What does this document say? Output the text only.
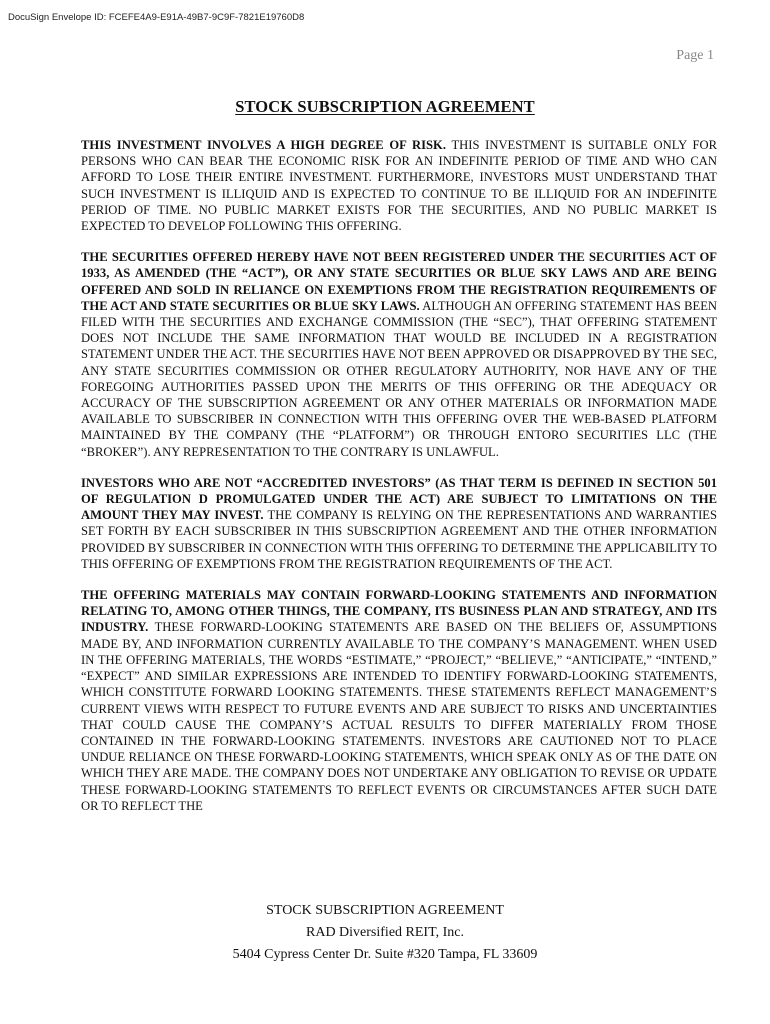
DocuSign Envelope ID: FCEFE4A9-E91A-49B7-9C9F-7821E19760D8
Page 1
STOCK SUBSCRIPTION AGREEMENT

THIS INVESTMENT INVOLVES A HIGH DEGREE OF RISK. THIS INVESTMENT IS SUITABLE ONLY FOR PERSONS WHO CAN BEAR THE ECONOMIC RISK FOR AN INDEFINITE PERIOD OF TIME AND WHO CAN AFFORD TO LOSE THEIR ENTIRE INVESTMENT. FURTHERMORE, INVESTORS MUST UNDERSTAND THAT SUCH INVESTMENT IS ILLIQUID AND IS EXPECTED TO CONTINUE TO BE ILLIQUID FOR AN INDEFINITE PERIOD OF TIME. NO PUBLIC MARKET EXISTS FOR THE SECURITIES, AND NO PUBLIC MARKET IS EXPECTED TO DEVELOP FOLLOWING THIS OFFERING.

THE SECURITIES OFFERED HEREBY HAVE NOT BEEN REGISTERED UNDER THE SECURITIES ACT OF 1933, AS AMENDED (THE “ACT”), OR ANY STATE SECURITIES OR BLUE SKY LAWS AND ARE BEING OFFERED AND SOLD IN RELIANCE ON EXEMPTIONS FROM THE REGISTRATION REQUIREMENTS OF THE ACT AND STATE SECURITIES OR BLUE SKY LAWS. ALTHOUGH AN OFFERING STATEMENT HAS BEEN FILED WITH THE SECURITIES AND EXCHANGE COMMISSION (THE “SEC”), THAT OFFERING STATEMENT DOES NOT INCLUDE THE SAME INFORMATION THAT WOULD BE INCLUDED IN A REGISTRATION STATEMENT UNDER THE ACT. THE SECURITIES HAVE NOT BEEN APPROVED OR DISAPPROVED BY THE SEC, ANY STATE SECURITIES COMMISSION OR OTHER REGULATORY AUTHORITY, NOR HAVE ANY OF THE FOREGOING AUTHORITIES PASSED UPON THE MERITS OF THIS OFFERING OR THE ADEQUACY OR ACCURACY OF THE SUBSCRIPTION AGREEMENT OR ANY OTHER MATERIALS OR INFORMATION MADE AVAILABLE TO SUBSCRIBER IN CONNECTION WITH THIS OFFERING OVER THE WEB-BASED PLATFORM MAINTAINED BY THE COMPANY (THE “PLATFORM”) OR THROUGH ENTORO SECURITIES LLC (THE “BROKER”). ANY REPRESENTATION TO THE CONTRARY IS UNLAWFUL.

INVESTORS WHO ARE NOT “ACCREDITED INVESTORS” (AS THAT TERM IS DEFINED IN SECTION 501 OF REGULATION D PROMULGATED UNDER THE ACT) ARE SUBJECT TO LIMITATIONS ON THE AMOUNT THEY MAY INVEST. THE COMPANY IS RELYING ON THE REPRESENTATIONS AND WARRANTIES SET FORTH BY EACH SUBSCRIBER IN THIS SUBSCRIPTION AGREEMENT AND THE OTHER INFORMATION PROVIDED BY SUBSCRIBER IN CONNECTION WITH THIS OFFERING TO DETERMINE THE APPLICABILITY TO THIS OFFERING OF EXEMPTIONS FROM THE REGISTRATION REQUIREMENTS OF THE ACT.

THE OFFERING MATERIALS MAY CONTAIN FORWARD-LOOKING STATEMENTS AND INFORMATION RELATING TO, AMONG OTHER THINGS, THE COMPANY, ITS BUSINESS PLAN AND STRATEGY, AND ITS INDUSTRY. THESE FORWARD-LOOKING STATEMENTS ARE BASED ON THE BELIEFS OF, ASSUMPTIONS MADE BY, AND INFORMATION CURRENTLY AVAILABLE TO THE COMPANY’S MANAGEMENT. WHEN USED IN THE OFFERING MATERIALS, THE WORDS “ESTIMATE,” “PROJECT,” “BELIEVE,” “ANTICIPATE,” “INTEND,” “EXPECT” AND SIMILAR EXPRESSIONS ARE INTENDED TO IDENTIFY FORWARD-LOOKING STATEMENTS, WHICH CONSTITUTE FORWARD LOOKING STATEMENTS. THESE STATEMENTS REFLECT MANAGEMENT’S CURRENT VIEWS WITH RESPECT TO FUTURE EVENTS AND ARE SUBJECT TO RISKS AND UNCERTAINTIES THAT COULD CAUSE THE COMPANY’S ACTUAL RESULTS TO DIFFER MATERIALLY FROM THOSE CONTAINED IN THE FORWARD-LOOKING STATEMENTS. INVESTORS ARE CAUTIONED NOT TO PLACE UNDUE RELIANCE ON THESE FORWARD-LOOKING STATEMENTS, WHICH SPEAK ONLY AS OF THE DATE ON WHICH THEY ARE MADE. THE COMPANY DOES NOT UNDERTAKE ANY OBLIGATION TO REVISE OR UPDATE THESE FORWARD-LOOKING STATEMENTS TO REFLECT EVENTS OR CIRCUMSTANCES AFTER SUCH DATE OR TO REFLECT THE

STOCK SUBSCRIPTION AGREEMENT
RAD Diversified REIT, Inc.
5404 Cypress Center Dr. Suite #320 Tampa, FL 33609
